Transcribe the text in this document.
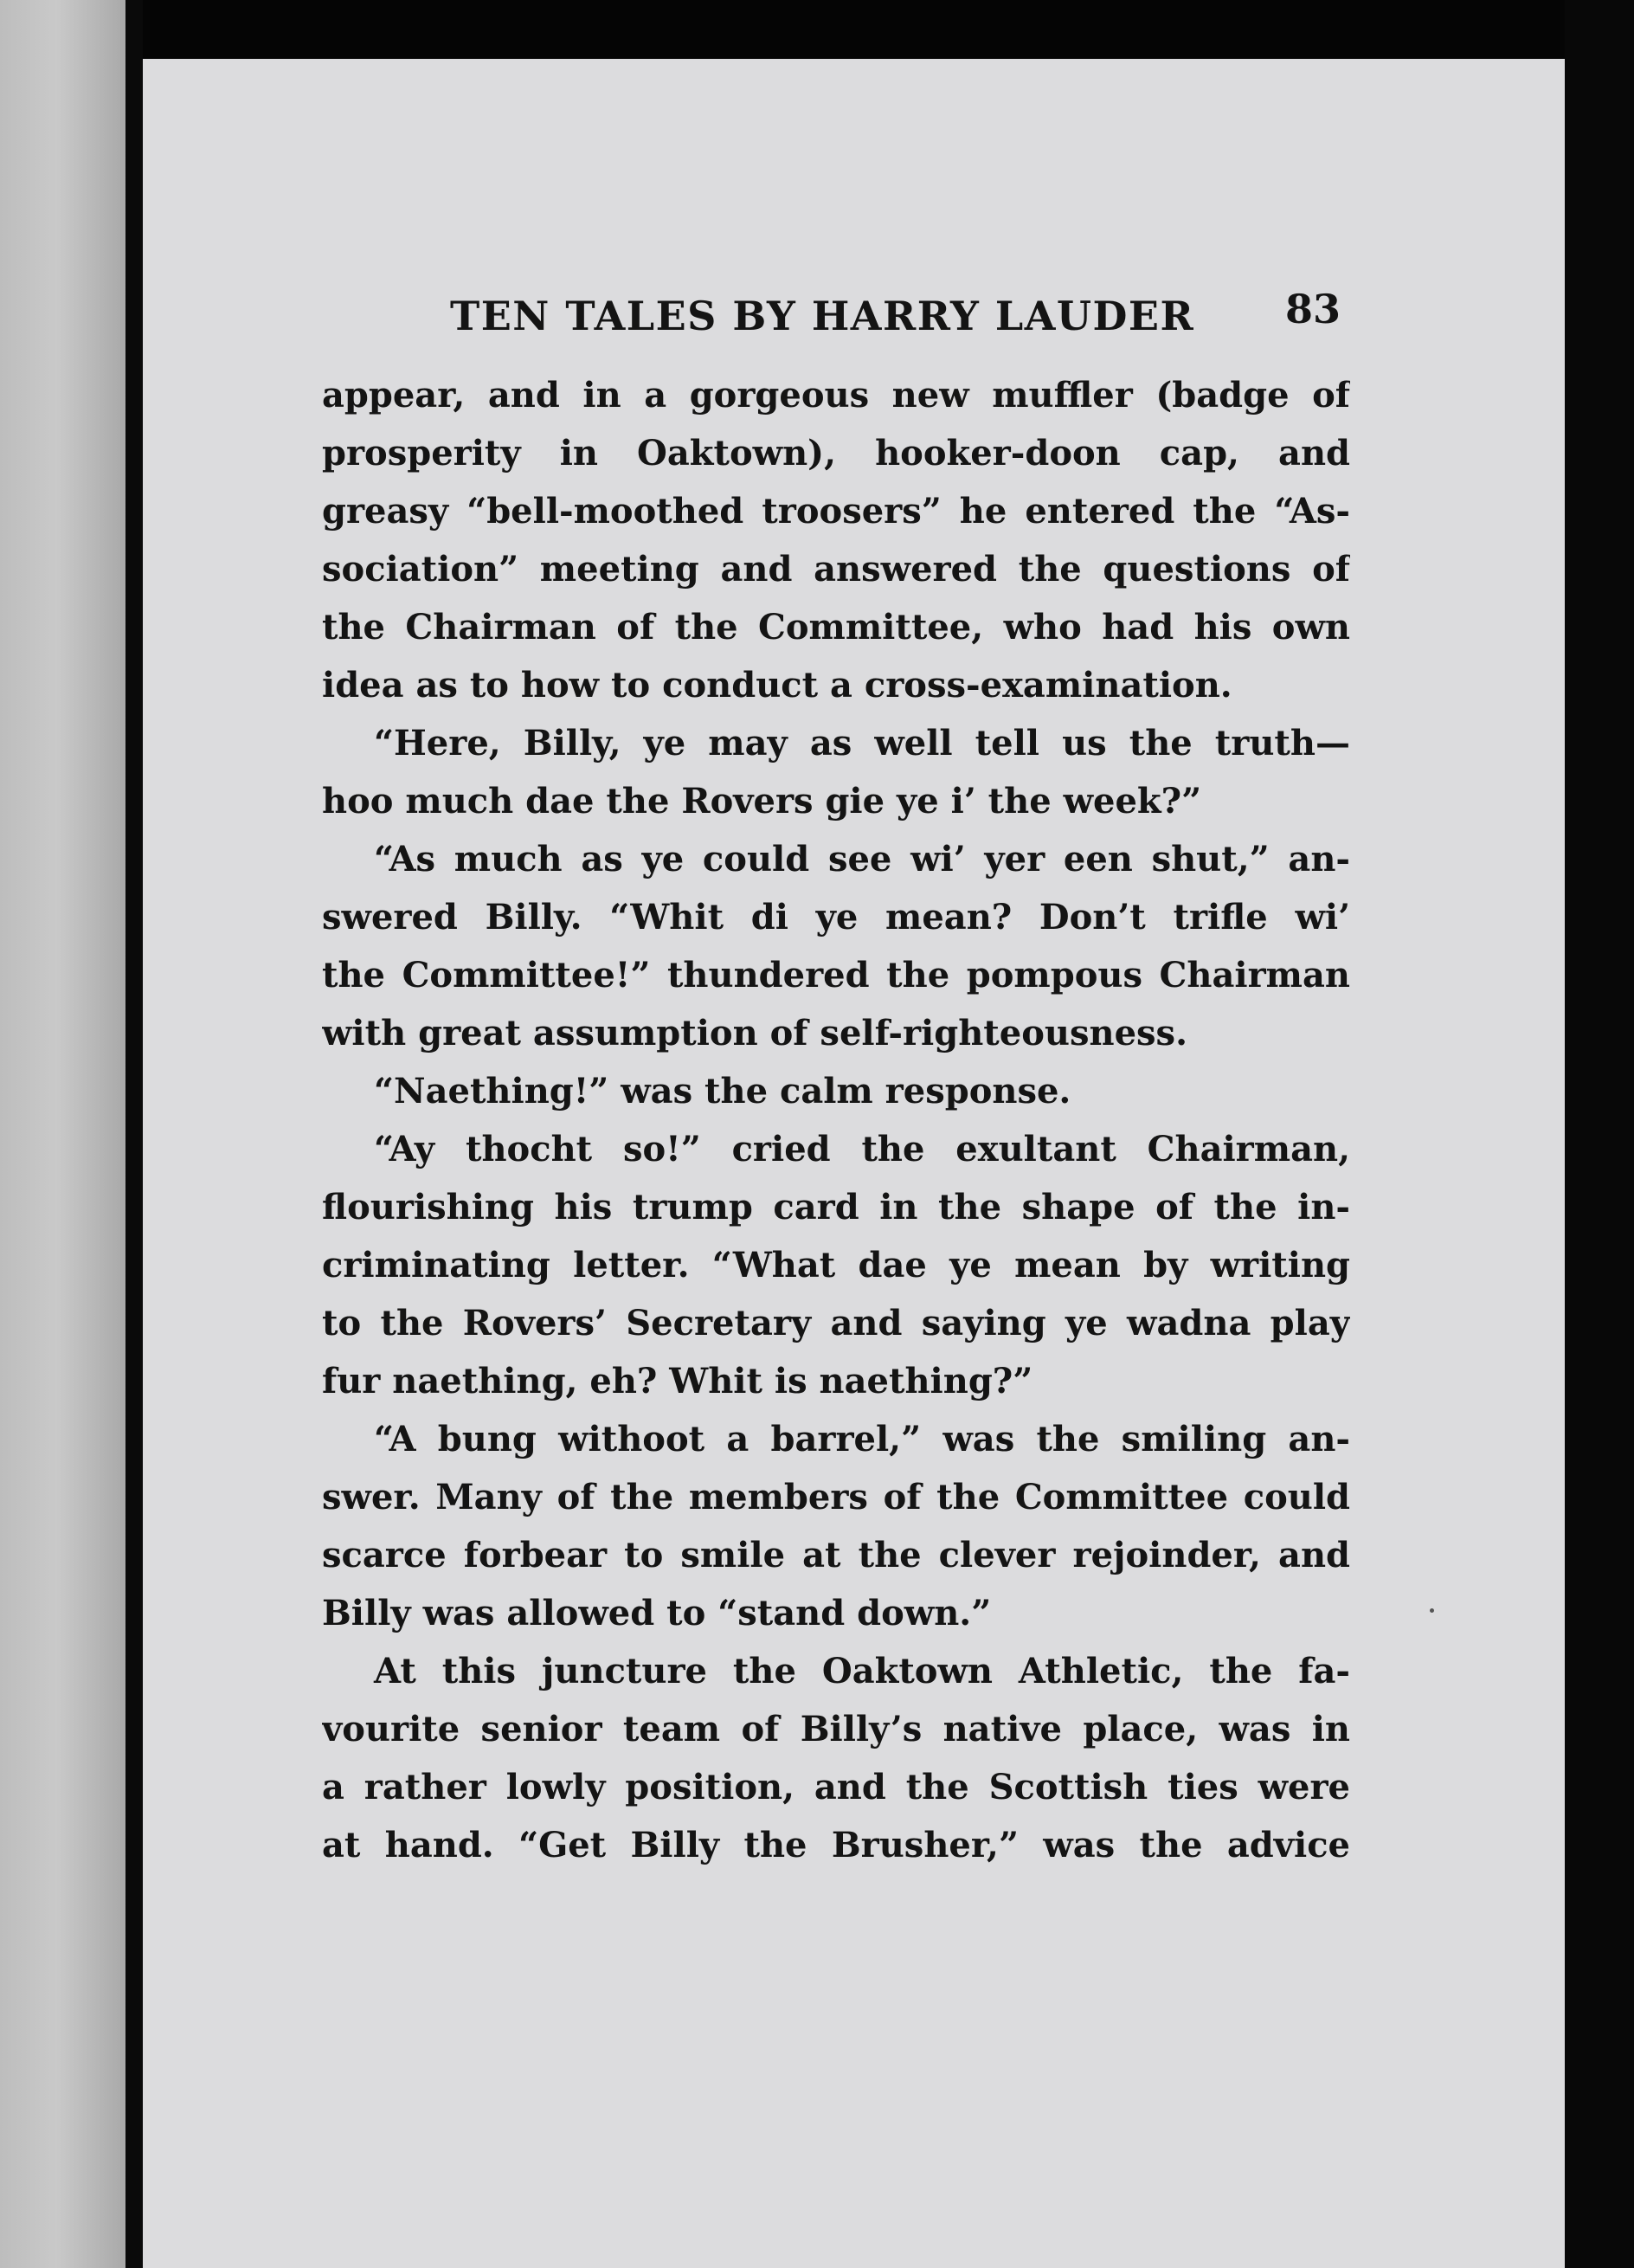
TEN TALES BY HARRY LAUDER 83
appear, and in a gorgeous new muffler (badge of
prosperity in Oaktown), hooker-doon cap, and
greasy “bell-moothed troosers” he entered the “As-
sociation” meeting and answered the questions of
the Chairman of the Committee, who had his own
idea as to how to conduct a cross-examination.
“Here, Billy, ye may as well tell us the truth—
hoo much dae the Rovers gie ye i’ the week?”
“As much as ye could see wi’ yer een shut,” an-
swered Billy. “Whit di ye mean? Don’t trifle wi’
the Committee!” thundered the pompous Chairman
with great assumption of self-righteousness.
“Naething!” was the calm response.
“Ay thocht so!” cried the exultant Chairman,
flourishing his trump card in the shape of the in-
criminating letter. “What dae ye mean by writing
to the Rovers’ Secretary and saying ye wadna play
fur naething, eh? Whit is naething?”
“A bung withoot a barrel,” was the smiling an-
swer. Many of the members of the Committee could
scarce forbear to smile at the clever rejoinder, and
Billy was allowed to “stand down.”
At this juncture the Oaktown Athletic, the fa-
vourite senior team of Billy’s native place, was in
a rather lowly position, and the Scottish ties were
at hand. “Get Billy the Brusher,” was the advice
